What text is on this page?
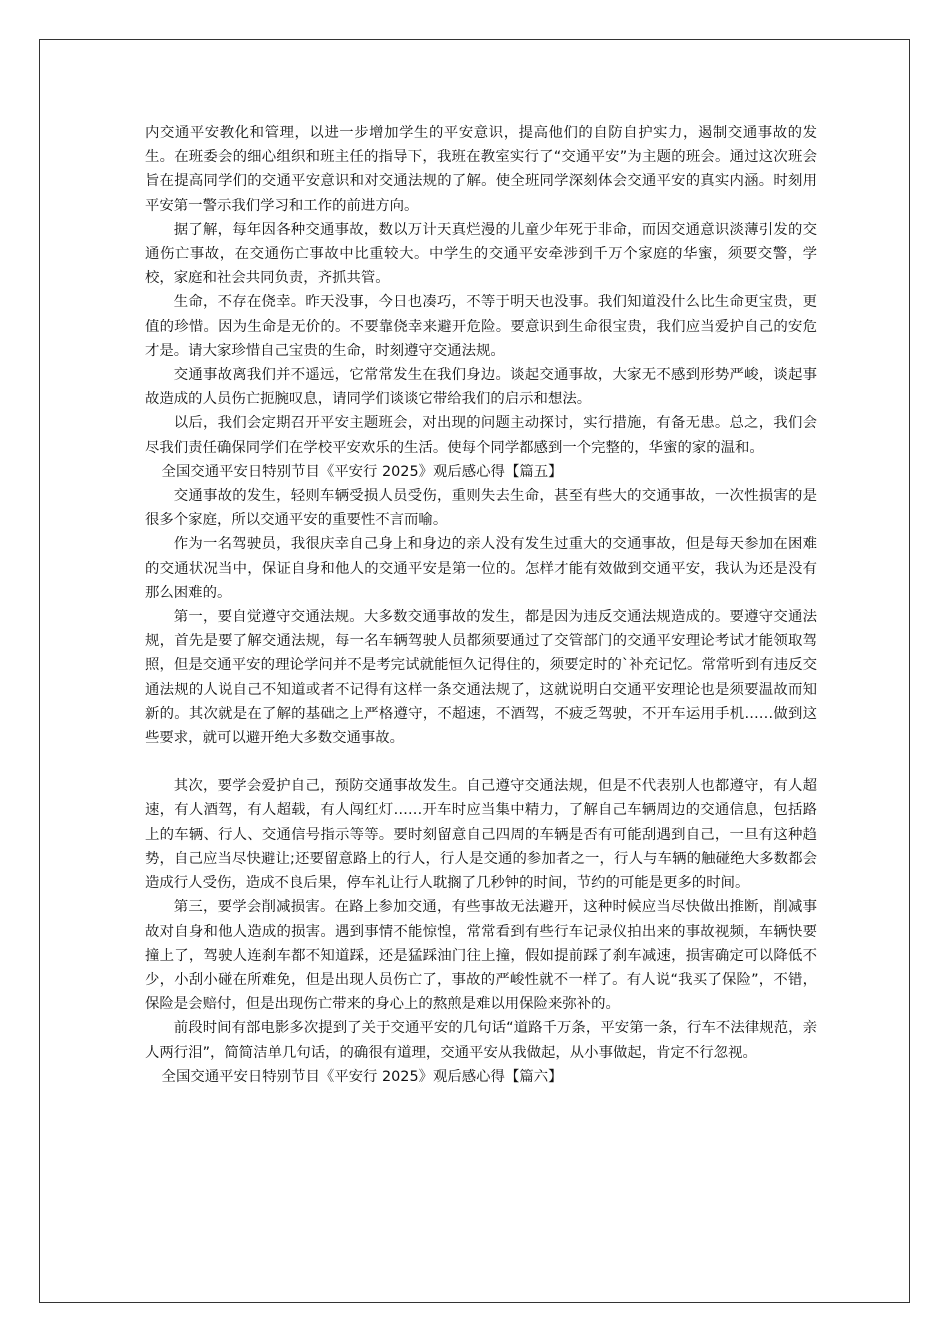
内交通平安教化和管理，以进一步增加学生的平安意识，提高他们的自防自护实力，遏制交通事故的发生。在班委会的细心组织和班主任的指导下，我班在教室实行了“交通平安”为主题的班会。通过这次班会旨在提高同学们的交通平安意识和对交通法规的了解。使全班同学深刻体会交通平安的真实内涵。时刻用平安第一警示我们学习和工作的前进方向。

据了解，每年因各种交通事故，数以万计天真烂漫的儿童少年死于非命，而因交通意识淡薄引发的交通伤亡事故，在交通伤亡事故中比重较大。中学生的交通平安牵涉到千万个家庭的华蜜，须要交警，学校，家庭和社会共同负责，齐抓共管。

生命，不存在侥幸。昨天没事，今日也凑巧，不等于明天也没事。我们知道没什么比生命更宝贵，更值的珍惜。因为生命是无价的。不要靠侥幸来避开危险。要意识到生命很宝贵，我们应当爱护自己的安危才是。请大家珍惜自己宝贵的生命，时刻遵守交通法规。

交通事故离我们并不遥远，它常常发生在我们身边。谈起交通事故，大家无不感到形势严峻，谈起事故造成的人员伤亡扼腕叹息，请同学们谈谈它带给我们的启示和想法。

以后，我们会定期召开平安主题班会，对出现的问题主动探讨，实行措施，有备无患。总之，我们会尽我们责任确保同学们在学校平安欢乐的生活。使每个同学都感到一个完整的，华蜜的家的温和。

全国交通平安日特别节目《平安行 2025》观后感心得【篇五】

交通事故的发生，轻则车辆受损人员受伤，重则失去生命，甚至有些大的交通事故，一次性损害的是很多个家庭，所以交通平安的重要性不言而喻。

作为一名驾驶员，我很庆幸自己身上和身边的亲人没有发生过重大的交通事故，但是每天参加在困难的交通状况当中，保证自身和他人的交通平安是第一位的。怎样才能有效做到交通平安，我认为还是没有那么困难的。

第一，要自觉遵守交通法规。大多数交通事故的发生，都是因为违反交通法规造成的。要遵守交通法规，首先是要了解交通法规，每一名车辆驾驶人员都须要通过了交管部门的交通平安理论考试才能领取驾照，但是交通平安的理论学问并不是考完试就能恒久记得住的，须要定时的`补充记忆。常常听到有违反交通法规的人说自己不知道或者不记得有这样一条交通法规了，这就说明白交通平安理论也是须要温故而知新的。其次就是在了解的基础之上严格遵守，不超速，不酒驾，不疲乏驾驶，不开车运用手机……做到这些要求，就可以避开绝大多数交通事故。

其次，要学会爱护自己，预防交通事故发生。自己遵守交通法规，但是不代表别人也都遵守，有人超速，有人酒驾，有人超载，有人闯红灯……开车时应当集中精力，了解自己车辆周边的交通信息，包括路上的车辆、行人、交通信号指示等等。要时刻留意自己四周的车辆是否有可能刮遇到自己，一旦有这种趋势，自己应当尽快避让;还要留意路上的行人，行人是交通的参加者之一，行人与车辆的触碰绝大多数都会造成行人受伤，造成不良后果，停车礼让行人耽搁了几秒钟的时间，节约的可能是更多的时间。

第三，要学会削减损害。在路上参加交通，有些事故无法避开，这种时候应当尽快做出推断，削减事故对自身和他人造成的损害。遇到事情不能惊惶，常常看到有些行车记录仪拍出来的事故视频，车辆快要撞上了，驾驶人连刹车都不知道踩，还是猛踩油门往上撞，假如提前踩了刹车减速，损害确定可以降低不少，小刮小碰在所难免，但是出现人员伤亡了，事故的严峻性就不一样了。有人说“我买了保险”，不错，保险是会赔付，但是出现伤亡带来的身心上的熬煎是难以用保险来弥补的。

前段时间有部电影多次提到了关于交通平安的几句话“道路千万条，平安第一条，行车不法律规范，亲人两行泪”，简简洁单几句话，的确很有道理，交通平安从我做起，从小事做起，肯定不行忽视。

全国交通平安日特别节目《平安行 2025》观后感心得【篇六】
